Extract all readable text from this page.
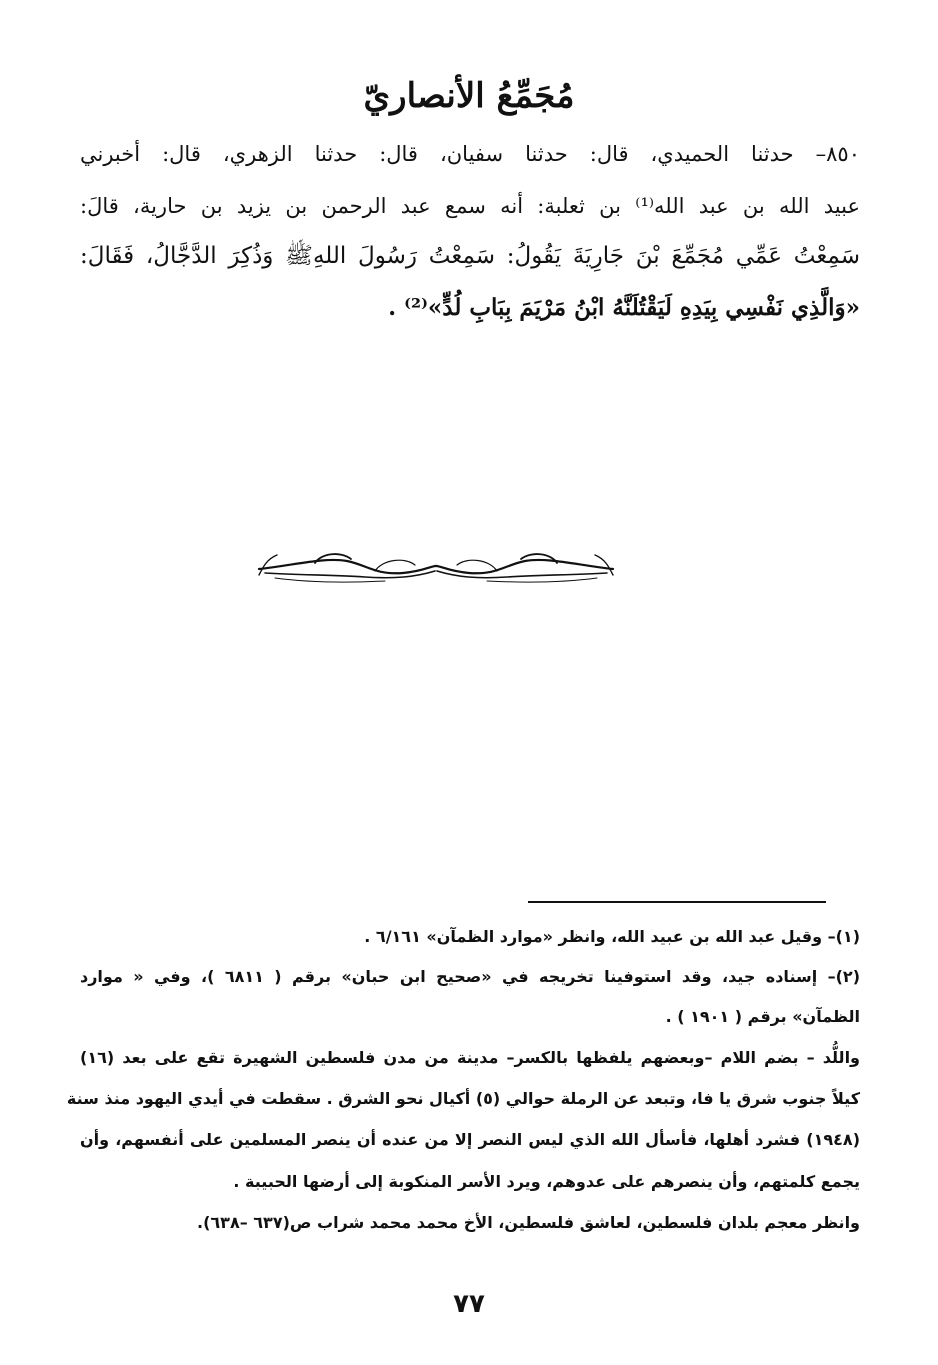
مُجَمِّعُ الأنصاريّ
٨٥٠– حدثنا الحميدي، قال: حدثنا سفيان، قال: حدثنا الزهري، قال: أخبرني
عبيد الله بن عبد الله⁽¹⁾ بن ثعلبة: أنه سمع عبد الرحمن بن يزيد بن حارية، قالَ:
سَمِعْتُ عَمِّي مُجَمِّعَ بْنَ جَارِيَةَ يَقُولُ: سَمِعْتُ رَسُولَ اللهِﷺ وَذُكِرَ الدَّجَّالُ، فَقَالَ:
«وَالَّذِي نَفْسِي بِيَدِهِ لَيَقْتُلَنَّهُ ابْنُ مَرْيَمَ بِبَابِ لُدٍّ»⁽²⁾ .
(١)– وقيل عبد الله بن عبيد الله، وانظر «موارد الظمآن» ٦/١٦١ .
(٢)– إسناده جيد، وقد استوفينا تخريجه في «صحيح ابن حبان» برقم ( ٦٨١١ )، وفي « موارد
الظمآن» برقم ( ١٩٠١ ) .
واللُّد – بضم اللام –وبعضهم يلفظها بالكسر– مدينة من مدن فلسطين الشهيرة تقع على بعد (١٦)
كيلاً جنوب شرق يا فا، وتبعد عن الرملة حوالي (٥) أكيال نحو الشرق . سقطت في أيدي اليهود منذ سنة
(١٩٤٨) فشرد أهلها، فأسأل الله الذي ليس النصر إلا من عنده أن ينصر المسلمين على أنفسهم، وأن
يجمع كلمتهم، وأن ينصرهم على عدوهم، ويرد الأسر المنكوبة إلى أرضها الحبيبة .
وانظر معجم بلدان فلسطين، لعاشق فلسطين، الأخ محمد محمد شراب ص(٦٣٧ –٦٣٨).
٧٧
